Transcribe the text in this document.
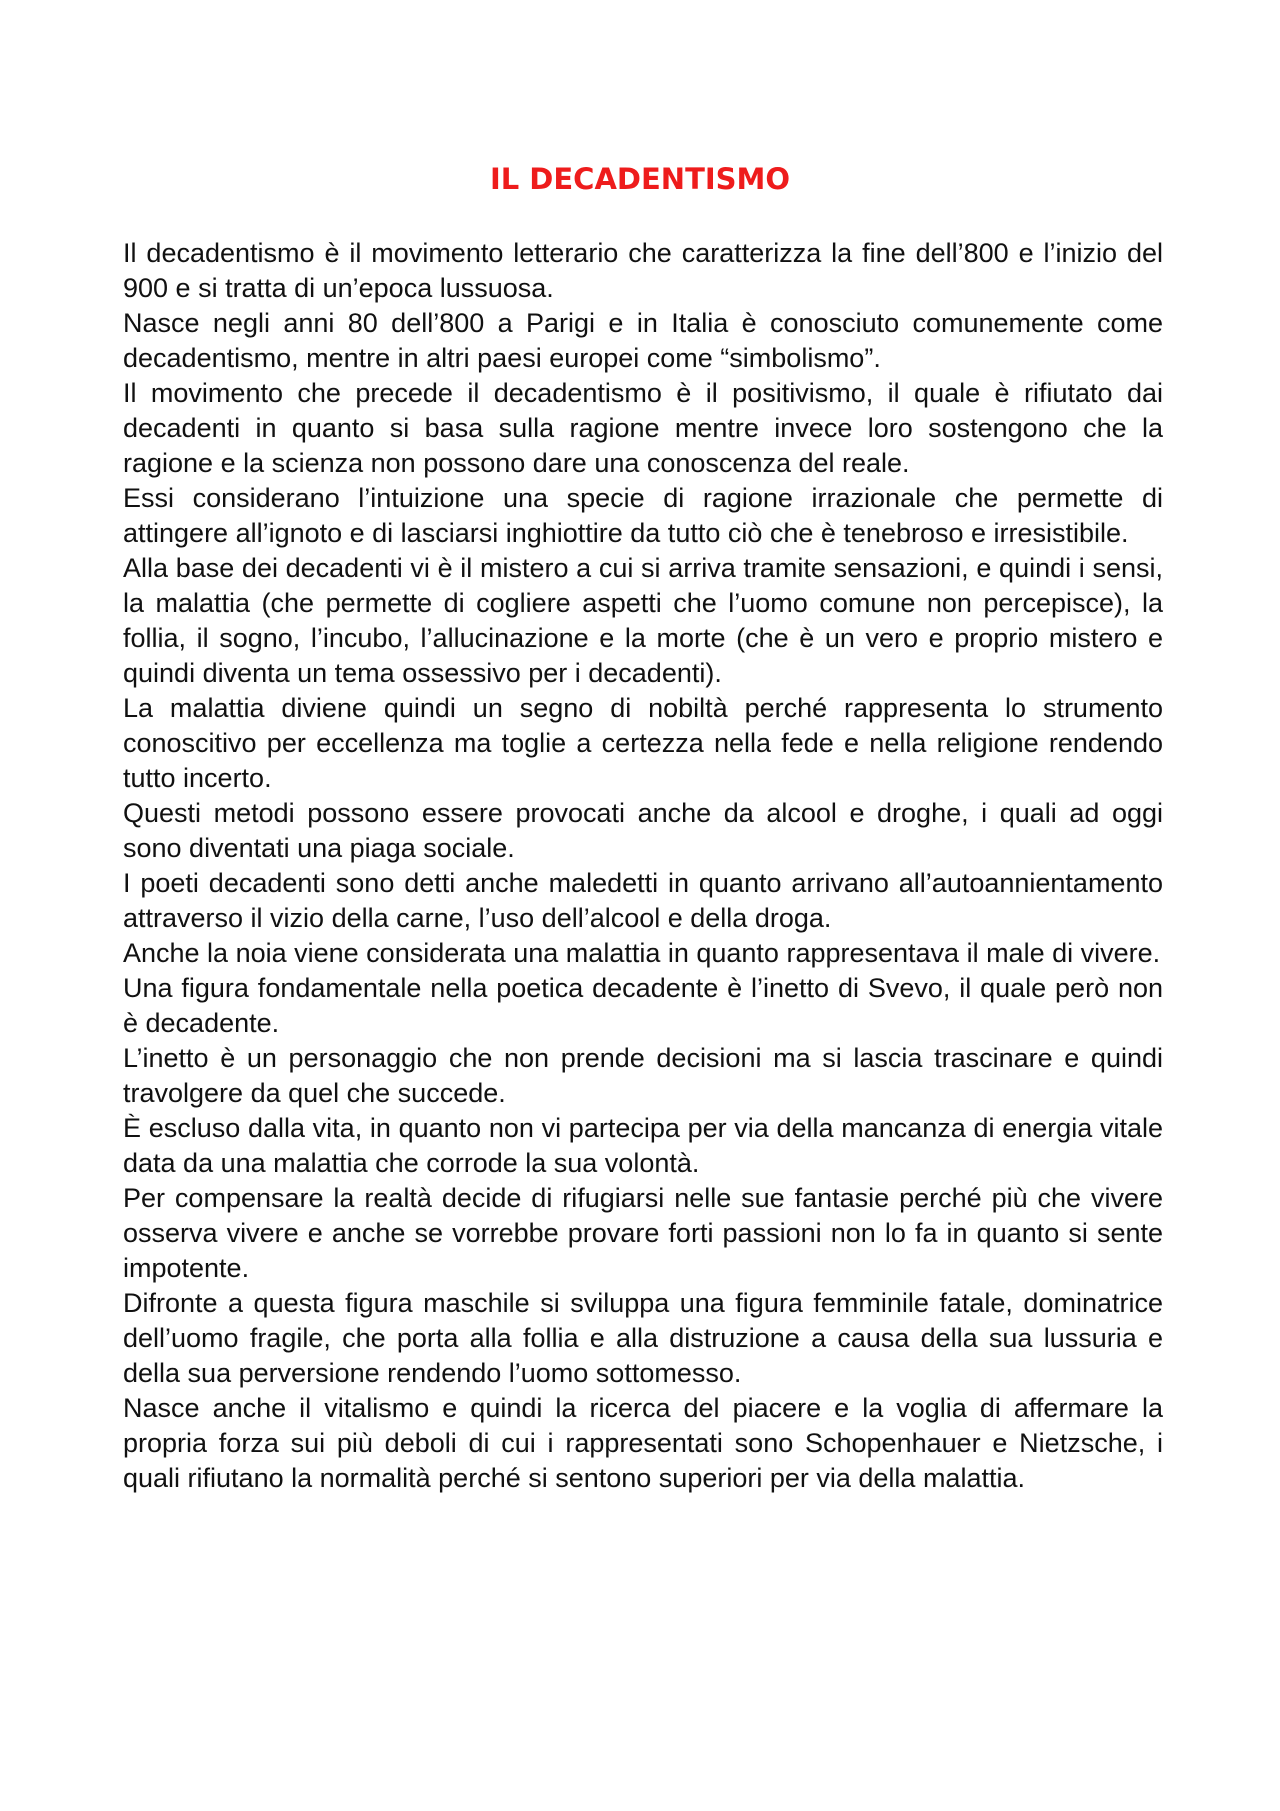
IL DECADENTISMO

Il decadentismo è il movimento letterario che caratterizza la fine dell’800 e l’inizio del 900 e si tratta di un’epoca lussuosa.

Nasce negli anni 80 dell’800 a Parigi e in Italia è conosciuto comunemente come decadentismo, mentre in altri paesi europei come “simbolismo”.

Il movimento che precede il decadentismo è il positivismo, il quale è rifiutato dai decadenti in quanto si basa sulla ragione mentre invece loro sostengono che la ragione e la scienza non possono dare una conoscenza del reale.

Essi considerano l’intuizione una specie di ragione irrazionale che permette di attingere all’ignoto e di lasciarsi inghiottire da tutto ciò che è tenebroso e irresistibile.

Alla base dei decadenti vi è il mistero a cui si arriva tramite sensazioni, e quindi i sensi, la malattia (che permette di cogliere aspetti che l’uomo comune non percepisce), la follia, il sogno, l’incubo, l’allucinazione e la morte (che è un vero e proprio mistero e quindi diventa un tema ossessivo per i decadenti).

La malattia diviene quindi un segno di nobiltà perché rappresenta lo strumento conoscitivo per eccellenza ma toglie a certezza nella fede e nella religione rendendo tutto incerto.

Questi metodi possono essere provocati anche da alcool e droghe, i quali ad oggi sono diventati una piaga sociale.

I poeti decadenti sono detti anche maledetti in quanto arrivano all’autoannientamento attraverso il vizio della carne, l’uso dell’alcool e della droga.

Anche la noia viene considerata una malattia in quanto rappresentava il male di vivere.

Una figura fondamentale nella poetica decadente è l’inetto di Svevo, il quale però non è decadente.

L’inetto è un personaggio che non prende decisioni ma si lascia trascinare e quindi travolgere da quel che succede.

È escluso dalla vita, in quanto non vi partecipa per via della mancanza di energia vitale data da una malattia che corrode la sua volontà.

Per compensare la realtà decide di rifugiarsi nelle sue fantasie perché più che vivere osserva vivere e anche se vorrebbe provare forti passioni non lo fa in quanto si sente impotente.

Difronte a questa figura maschile si sviluppa una figura femminile fatale, dominatrice dell’uomo fragile, che porta alla follia e alla distruzione a causa della sua lussuria e della sua perversione rendendo l’uomo sottomesso.

Nasce anche il vitalismo e quindi la ricerca del piacere e la voglia di affermare la propria forza sui più deboli di cui i rappresentati sono Schopenhauer e Nietzsche, i quali rifiutano la normalità perché si sentono superiori per via della malattia.
